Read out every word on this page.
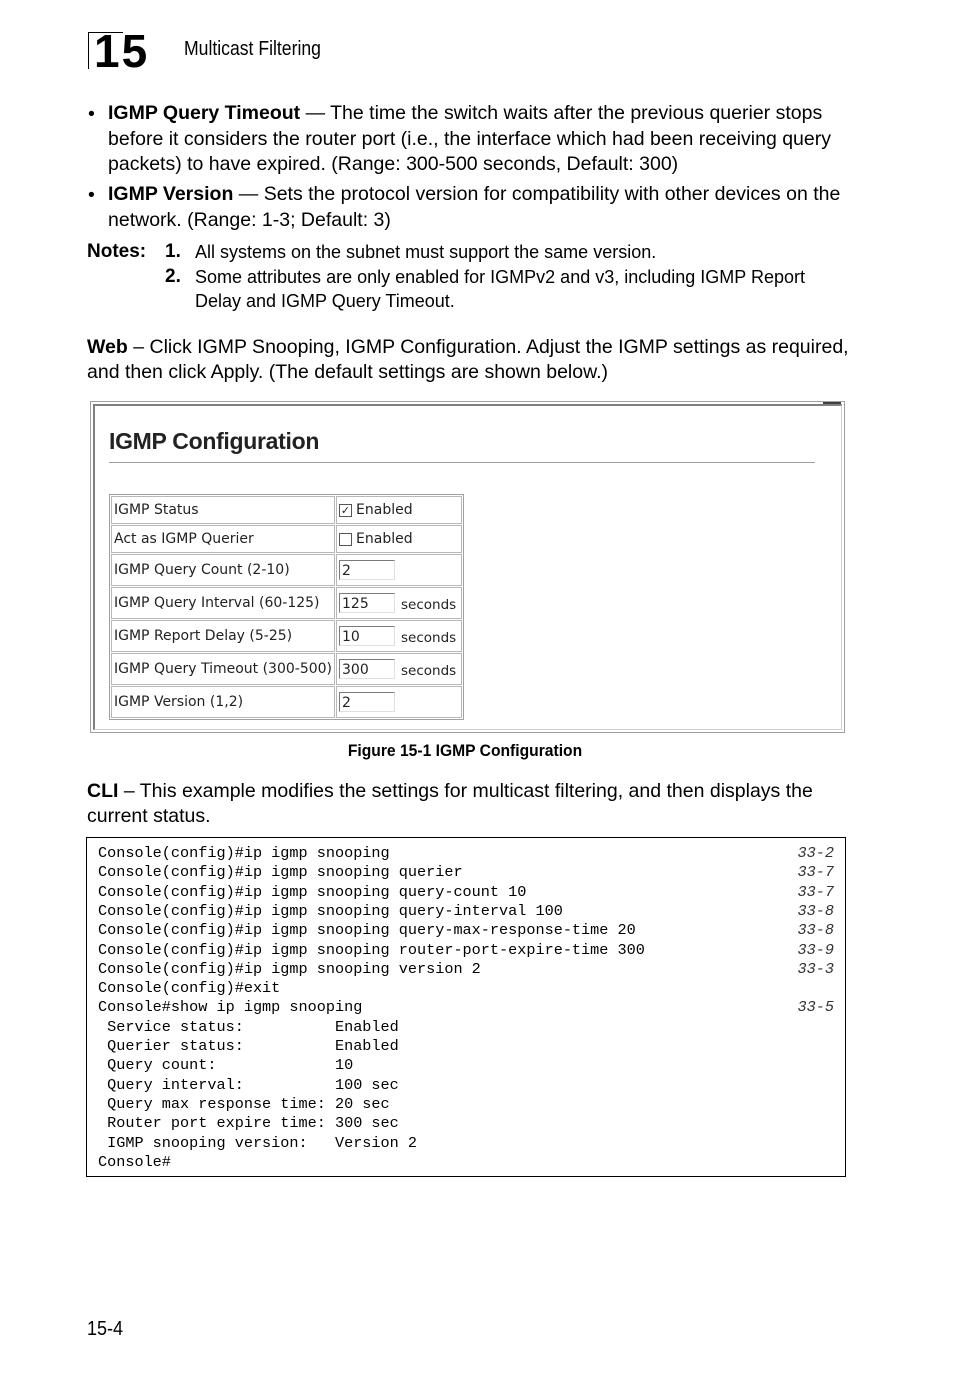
15 Multicast Filtering
• IGMP Query Timeout — The time the switch waits after the previous querier stops before it considers the router port (i.e., the interface which had been receiving query packets) to have expired. (Range: 300-500 seconds, Default: 300)
• IGMP Version — Sets the protocol version for compatibility with other devices on the network. (Range: 1-3; Default: 3)
Notes: 1. All systems on the subnet must support the same version.
2. Some attributes are only enabled for IGMPv2 and v3, including IGMP Report Delay and IGMP Query Timeout.
Web – Click IGMP Snooping, IGMP Configuration. Adjust the IGMP settings as required, and then click Apply. (The default settings are shown below.)
IGMP Configuration
IGMP Status	✓ Enabled
Act as IGMP Querier	Enabled
IGMP Query Count (2-10)	2
IGMP Query Interval (60-125)	125 seconds
IGMP Report Delay (5-25)	10 seconds
IGMP Query Timeout (300-500)	300 seconds
IGMP Version (1,2)	2
Figure 15-1 IGMP Configuration
CLI – This example modifies the settings for multicast filtering, and then displays the current status.
Console(config)#ip igmp snooping	33-2
Console(config)#ip igmp snooping querier	33-7
Console(config)#ip igmp snooping query-count 10	33-7
Console(config)#ip igmp snooping query-interval 100	33-8
Console(config)#ip igmp snooping query-max-response-time 20	33-8
Console(config)#ip igmp snooping router-port-expire-time 300	33-9
Console(config)#ip igmp snooping version 2	33-3
Console(config)#exit
Console#show ip igmp snooping	33-5
Service status:          Enabled
Querier status:          Enabled
Query count:             10
Query interval:          100 sec
Query max response time: 20 sec
Router port expire time: 300 sec
IGMP snooping version:   Version 2
Console#
15-4
